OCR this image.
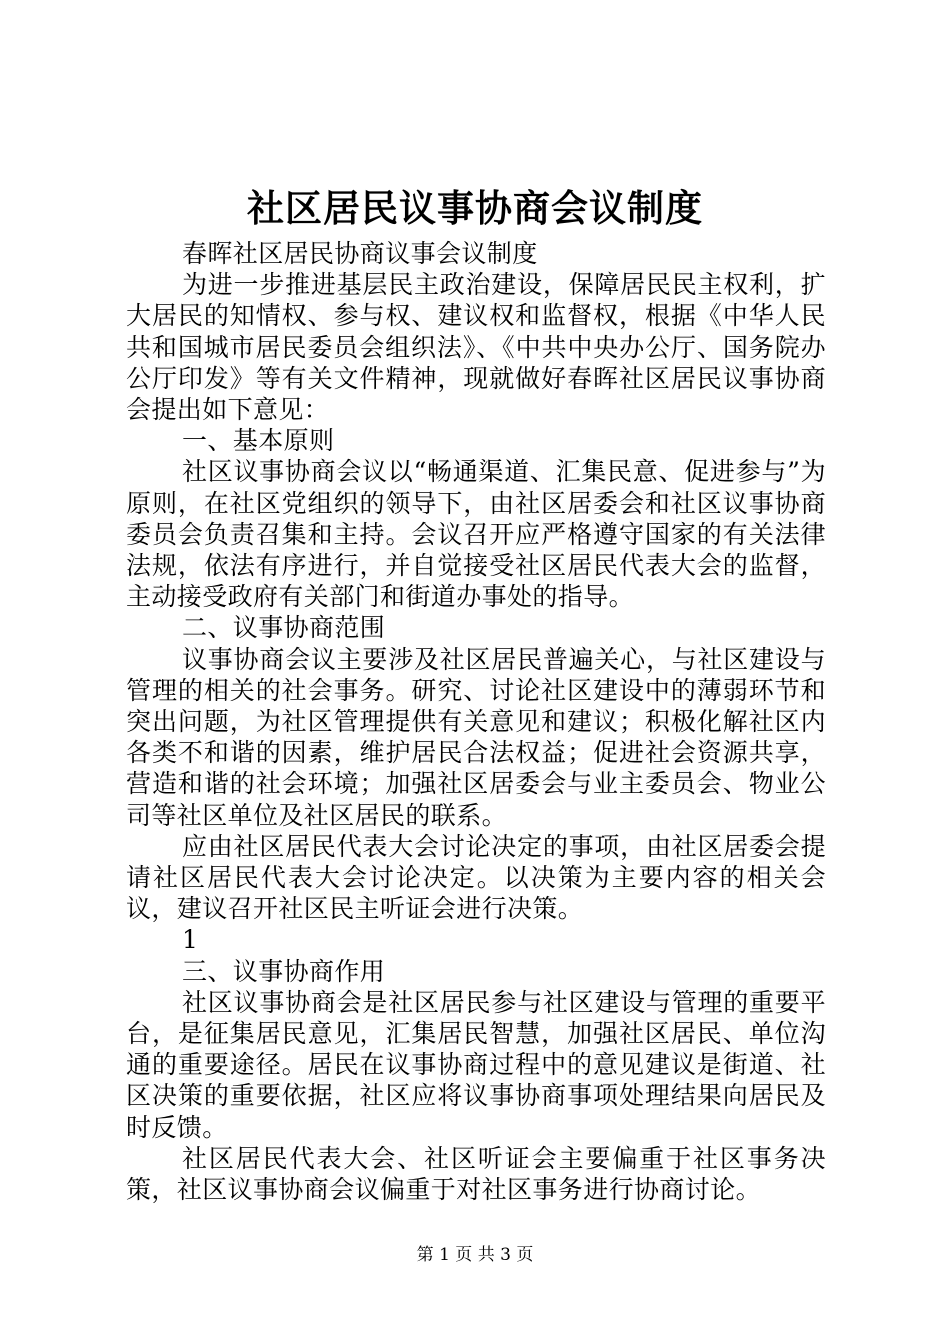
社区居民议事协商会议制度

春晖社区居民协商议事会议制度

为进一步推进基层民主政治建设，保障居民民主权利，扩大居民的知情权、参与权、建议权和监督权，根据《中华人民共和国城市居民委员会组织法》、《中共中央办公厅、国务院办公厅印发》等有关文件精神，现就做好春晖社区居民议事协商会提出如下意见：

一、基本原则

社区议事协商会议以“畅通渠道、汇集民意、促进参与”为原则，在社区党组织的领导下，由社区居委会和社区议事协商委员会负责召集和主持。会议召开应严格遵守国家的有关法律法规，依法有序进行，并自觉接受社区居民代表大会的监督，主动接受政府有关部门和街道办事处的指导。

二、议事协商范围

议事协商会议主要涉及社区居民普遍关心，与社区建设与管理的相关的社会事务。研究、讨论社区建设中的薄弱环节和突出问题，为社区管理提供有关意见和建议；积极化解社区内各类不和谐的因素，维护居民合法权益；促进社会资源共享，营造和谐的社会环境；加强社区居委会与业主委员会、物业公司等社区单位及社区居民的联系。

应由社区居民代表大会讨论决定的事项，由社区居委会提请社区居民代表大会讨论决定。以决策为主要内容的相关会议，建议召开社区民主听证会进行决策。

1

三、议事协商作用

社区议事协商会是社区居民参与社区建设与管理的重要平台，是征集居民意见，汇集居民智慧，加强社区居民、单位沟通的重要途径。居民在议事协商过程中的意见建议是街道、社区决策的重要依据，社区应将议事协商事项处理结果向居民及时反馈。

社区居民代表大会、社区听证会主要偏重于社区事务决策，社区议事协商会议偏重于对社区事务进行协商讨论。

第 1 页 共 3 页
